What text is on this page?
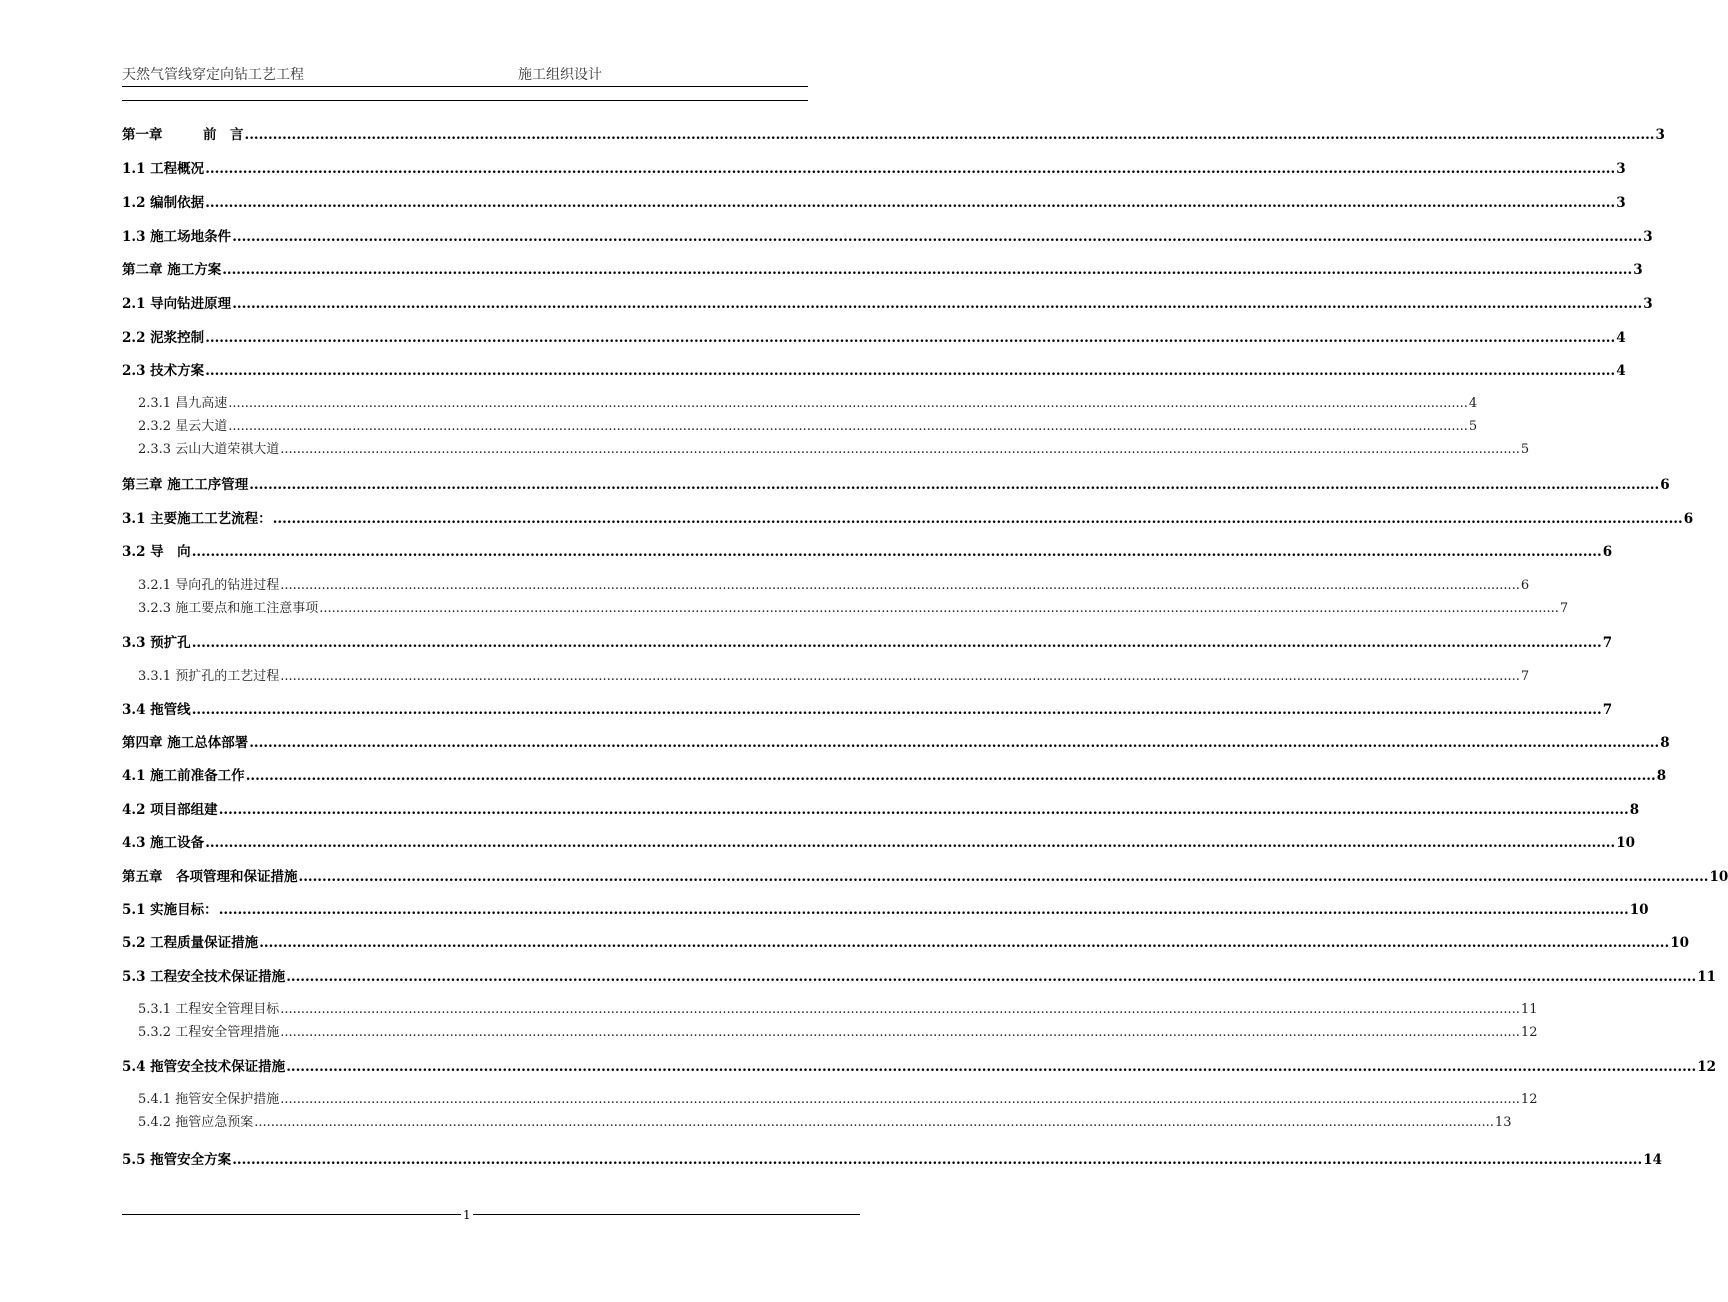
天然气管线穿定向钻工艺工程	施工组织设计
第一章　　　前　言 ............................................................................................................................................................................................................................................................................................................ 3
1.1 工程概况 ............................................................................................................................................................................................................................................................................................................ 3
1.2 编制依据 ............................................................................................................................................................................................................................................................................................................ 3
1.3 施工场地条件 ............................................................................................................................................................................................................................................................................................................ 3
第二章 施工方案 ............................................................................................................................................................................................................................................................................................................ 3
2.1 导向钻进原理 ............................................................................................................................................................................................................................................................................................................ 3
2.2 泥浆控制 ............................................................................................................................................................................................................................................................................................................ 4
2.3 技术方案 ............................................................................................................................................................................................................................................................................................................ 4
2.3.1 昌九高速 ............................................................................................................................................................................................................................................................................................................ 4
2.3.2 星云大道 ............................................................................................................................................................................................................................................................................................................ 5
2.3.3 云山大道荣祺大道 ............................................................................................................................................................................................................................................................................................................ 5
第三章 施工工序管理 ............................................................................................................................................................................................................................................................................................................ 6
3.1 主要施工工艺流程： ............................................................................................................................................................................................................................................................................................................ 6
3.2 导　向 ............................................................................................................................................................................................................................................................................................................ 6
3.2.1 导向孔的钻进过程 ............................................................................................................................................................................................................................................................................................................ 6
3.2.3 施工要点和施工注意事项 ............................................................................................................................................................................................................................................................................................................ 7
3.3 预扩孔 ............................................................................................................................................................................................................................................................................................................ 7
3.3.1 预扩孔的工艺过程 ............................................................................................................................................................................................................................................................................................................ 7
3.4 拖管线 ............................................................................................................................................................................................................................................................................................................ 7
第四章 施工总体部署 ............................................................................................................................................................................................................................................................................................................ 8
4.1 施工前准备工作 ............................................................................................................................................................................................................................................................................................................ 8
4.2 项目部组建 ............................................................................................................................................................................................................................................................................................................ 8
4.3 施工设备 ............................................................................................................................................................................................................................................................................................................ 10
第五章　各项管理和保证措施 ............................................................................................................................................................................................................................................................................................................ 10
5.1 实施目标： ............................................................................................................................................................................................................................................................................................................ 10
5.2 工程质量保证措施 ............................................................................................................................................................................................................................................................................................................ 10
5.3 工程安全技术保证措施 ............................................................................................................................................................................................................................................................................................................ 11
5.3.1 工程安全管理目标 ............................................................................................................................................................................................................................................................................................................ 11
5.3.2 工程安全管理措施 ............................................................................................................................................................................................................................................................................................................ 12
5.4 拖管安全技术保证措施 ............................................................................................................................................................................................................................................................................................................ 12
5.4.1 拖管安全保护措施 ............................................................................................................................................................................................................................................................................................................ 12
5.4.2 拖管应急预案 ............................................................................................................................................................................................................................................................................................................ 13
5.5 拖管安全方案 ............................................................................................................................................................................................................................................................................................................ 14
1
